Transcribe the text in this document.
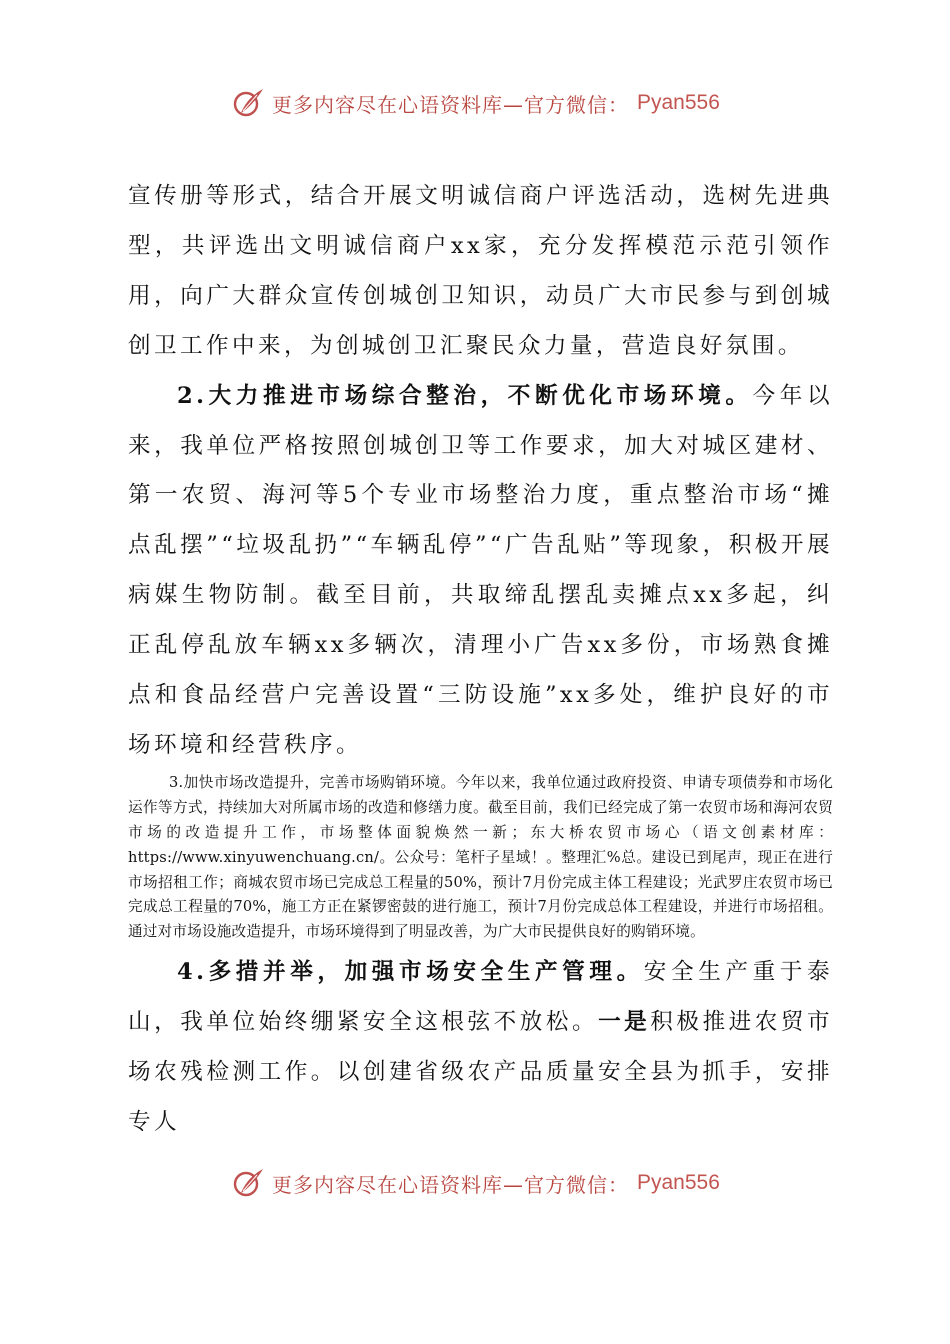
更多内容尽在心语资料库—官方微信： Pyan556

宣传册等形式，结合开展文明诚信商户评选活动，选树先进典型，共评选出文明诚信商户xx家，充分发挥模范示范引领作用，向广大群众宣传创城创卫知识，动员广大市民参与到创城创卫工作中来，为创城创卫汇聚民众力量，营造良好氛围。

2.大力推进市场综合整治，不断优化市场环境。今年以来，我单位严格按照创城创卫等工作要求，加大对城区建材、第一农贸、海河等5个专业市场整治力度，重点整治市场“摊点乱摆”“垃圾乱扔”“车辆乱停”“广告乱贴”等现象，积极开展病媒生物防制。截至目前，共取缔乱摆乱卖摊点xx多起，纠正乱停乱放车辆xx多辆次，清理小广告xx多份，市场熟食摊点和食品经营户完善设置“三防设施”xx多处，维护良好的市场环境和经营秩序。

3.加快市场改造提升，完善市场购销环境。今年以来，我单位通过政府投资、申请专项债券和市场化运作等方式，持续加大对所属市场的改造和修缮力度。截至目前，我们已经完成了第一农贸市场和海河农贸市场的改造提升工作，市场整体面貌焕然一新；东大桥农贸市场心（语文创素材库：https://www.xinyuwenchuang.cn/。公众号：笔杆子星域！。整理汇%总。建设已到尾声，现正在进行市场招租工作；商城农贸市场已完成总工程量的50%，预计7月份完成主体工程建设；光武罗庄农贸市场已完成总工程量的70%，施工方正在紧锣密鼓的进行施工，预计7月份完成总体工程建设，并进行市场招租。通过对市场设施改造提升，市场环境得到了明显改善，为广大市民提供良好的购销环境。

4.多措并举，加强市场安全生产管理。安全生产重于泰山，我单位始终绷紧安全这根弦不放松。一是积极推进农贸市场农残检测工作。以创建省级农产品质量安全县为抓手，安排专人

更多内容尽在心语资料库—官方微信： Pyan556
